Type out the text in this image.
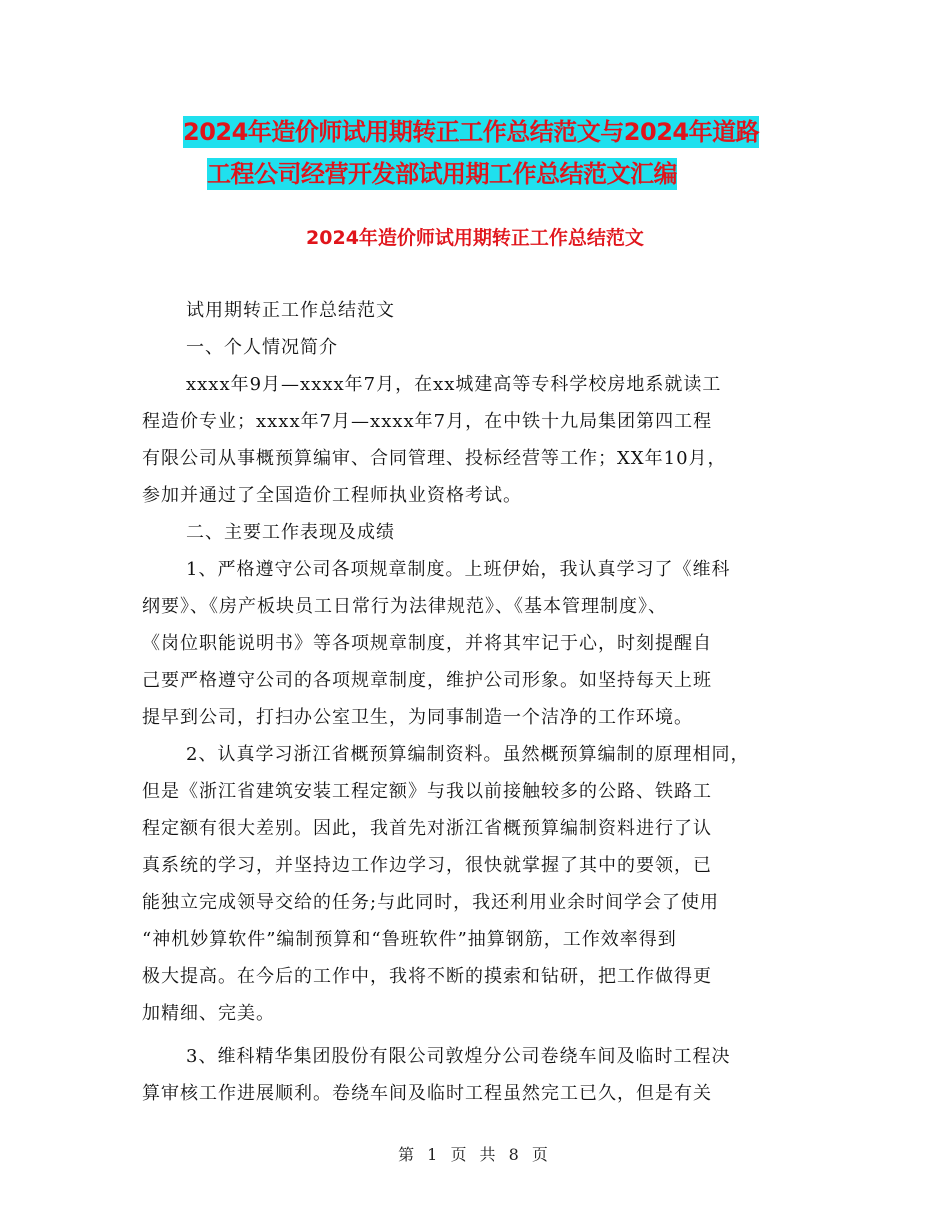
2024年造价师试用期转正工作总结范文与2024年道路
工程公司经营开发部试用期工作总结范文汇编
2024年造价师试用期转正工作总结范文

试用期转正工作总结范文

一、个人情况简介

xxxx年9月—xxxx年7月，在xx城建高等专科学校房地系就读工

程造价专业；xxxx年7月—xxxx年7月，在中铁十九局集团第四工程

有限公司从事概预算编审、合同管理、投标经营等工作；XX年10月，

参加并通过了全国造价工程师执业资格考试。

二、主要工作表现及成绩

1、严格遵守公司各项规章制度。上班伊始，我认真学习了《维科

纲要》、《房产板块员工日常行为法律规范》、《基本管理制度》、

《岗位职能说明书》等各项规章制度，并将其牢记于心，时刻提醒自

己要严格遵守公司的各项规章制度，维护公司形象。如坚持每天上班

提早到公司，打扫办公室卫生，为同事制造一个洁净的工作环境。

2、认真学习浙江省概预算编制资料。虽然概预算编制的原理相同，

但是《浙江省建筑安装工程定额》与我以前接触较多的公路、铁路工

程定额有很大差别。因此，我首先对浙江省概预算编制资料进行了认

真系统的学习，并坚持边工作边学习，很快就掌握了其中的要领，已

能独立完成领导交给的任务;与此同时，我还利用业余时间学会了使用

“神机妙算软件”编制预算和“鲁班软件”抽算钢筋，工作效率得到

极大提高。在今后的工作中，我将不断的摸索和钻研，把工作做得更

加精细、完美。

3、维科精华集团股份有限公司敦煌分公司卷绕车间及临时工程决

算审核工作进展顺利。卷绕车间及临时工程虽然完工已久，但是有关

第 1 页 共 8 页
